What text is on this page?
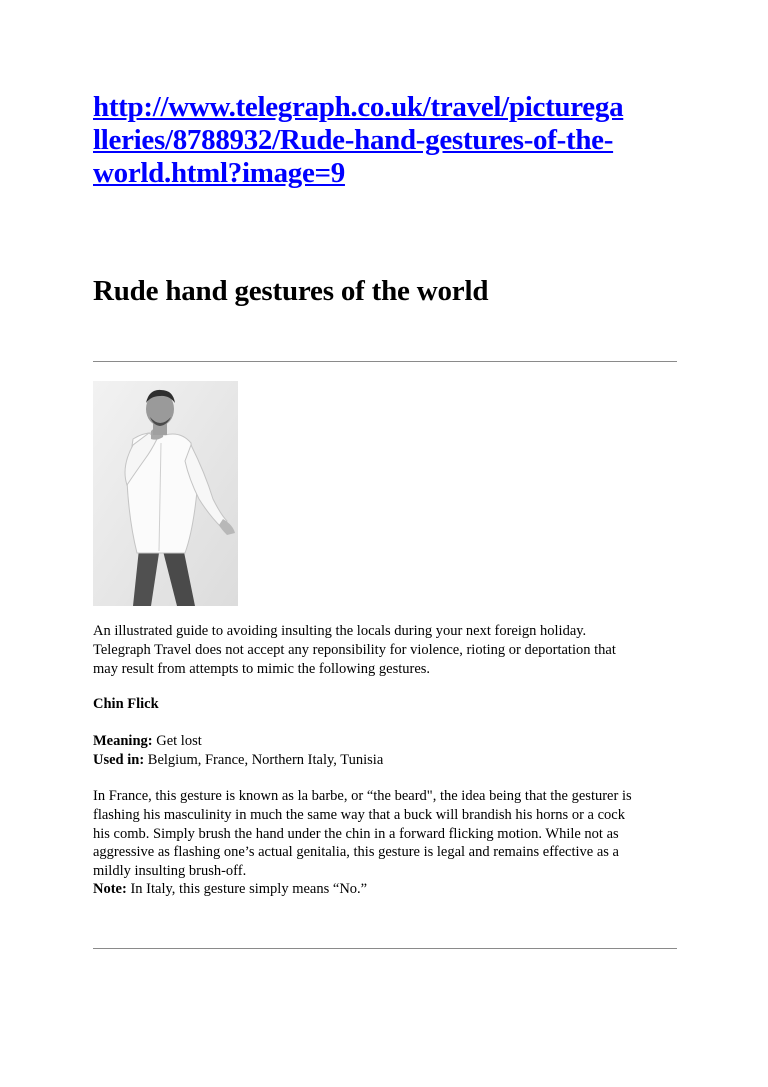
http://www.telegraph.co.uk/travel/picturega
lleries/8788932/Rude-hand-gestures-of-the-
world.html?image=9
Rude hand gestures of the world

An illustrated guide to avoiding insulting the locals during your next foreign holiday.
Telegraph Travel does not accept any reponsibility for violence, rioting or deportation that
may result from attempts to mimic the following gestures.

Chin Flick

Meaning: Get lost
Used in: Belgium, France, Northern Italy, Tunisia

In France, this gesture is known as la barbe, or “the beard", the idea being that the gesturer is
flashing his masculinity in much the same way that a buck will brandish his horns or a cock
his comb. Simply brush the hand under the chin in a forward flicking motion. While not as
aggressive as flashing one’s actual genitalia, this gesture is legal and remains effective as a
mildly insulting brush-off.

Note: In Italy, this gesture simply means “No.”
